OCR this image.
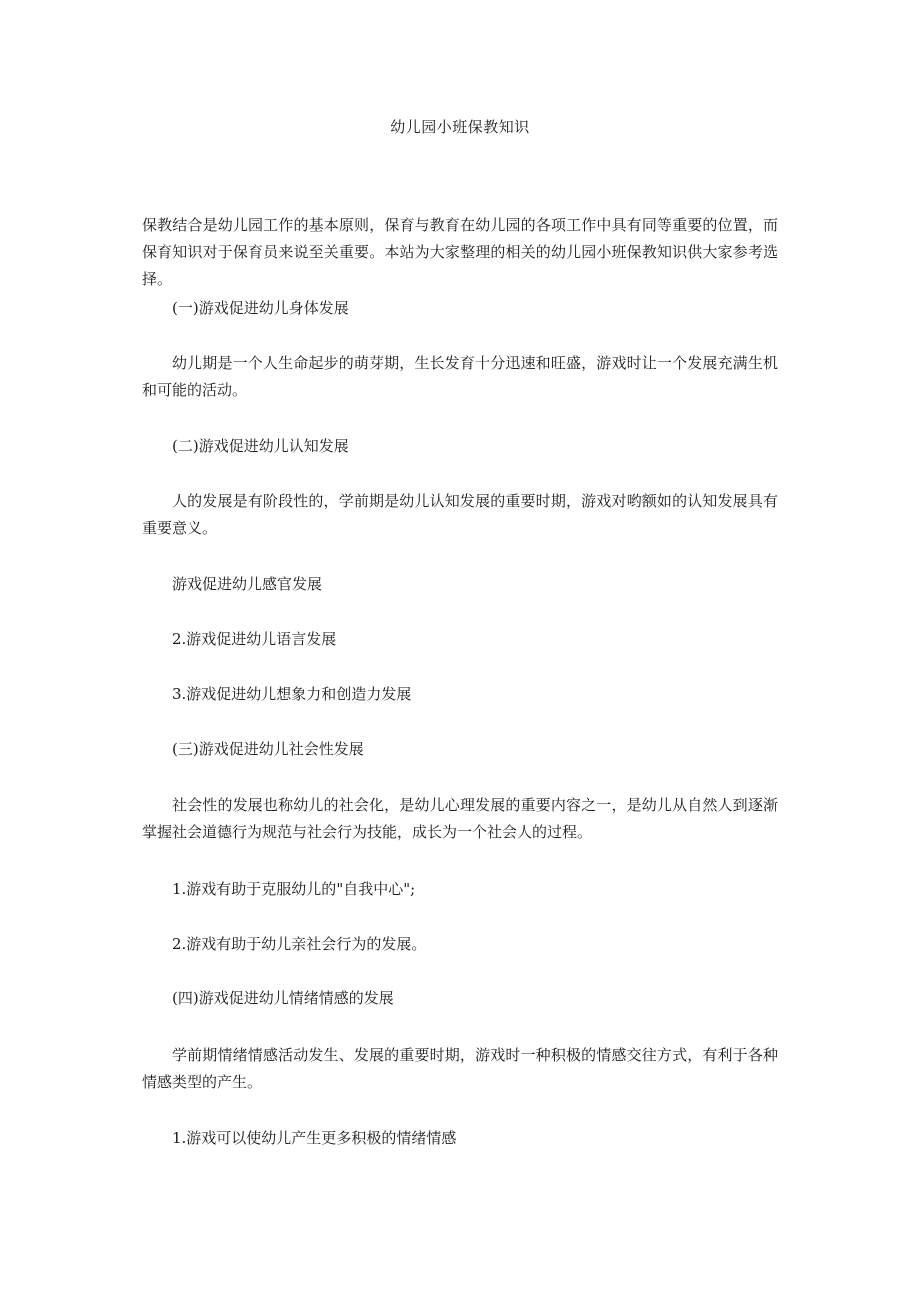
幼儿园小班保教知识

保教结合是幼儿园工作的基本原则，保育与教育在幼儿园的各项工作中具有同等重要的位置，而保育知识对于保育员来说至关重要。本站为大家整理的相关的幼儿园小班保教知识供大家参考选择。

(一)游戏促进幼儿身体发展

幼儿期是一个人生命起步的萌芽期，生长发育十分迅速和旺盛，游戏时让一个发展充满生机和可能的活动。

(二)游戏促进幼儿认知发展

人的发展是有阶段性的，学前期是幼儿认知发展的重要时期，游戏对哟额如的认知发展具有重要意义。

游戏促进幼儿感官发展

2.游戏促进幼儿语言发展

3.游戏促进幼儿想象力和创造力发展

(三)游戏促进幼儿社会性发展

社会性的发展也称幼儿的社会化，是幼儿心理发展的重要内容之一，是幼儿从自然人到逐渐掌握社会道德行为规范与社会行为技能，成长为一个社会人的过程。

1.游戏有助于克服幼儿的"自我中心";

2.游戏有助于幼儿亲社会行为的发展。

(四)游戏促进幼儿情绪情感的发展

学前期情绪情感活动发生、发展的重要时期，游戏时一种积极的情感交往方式，有利于各种情感类型的产生。

1.游戏可以使幼儿产生更多积极的情绪情感
